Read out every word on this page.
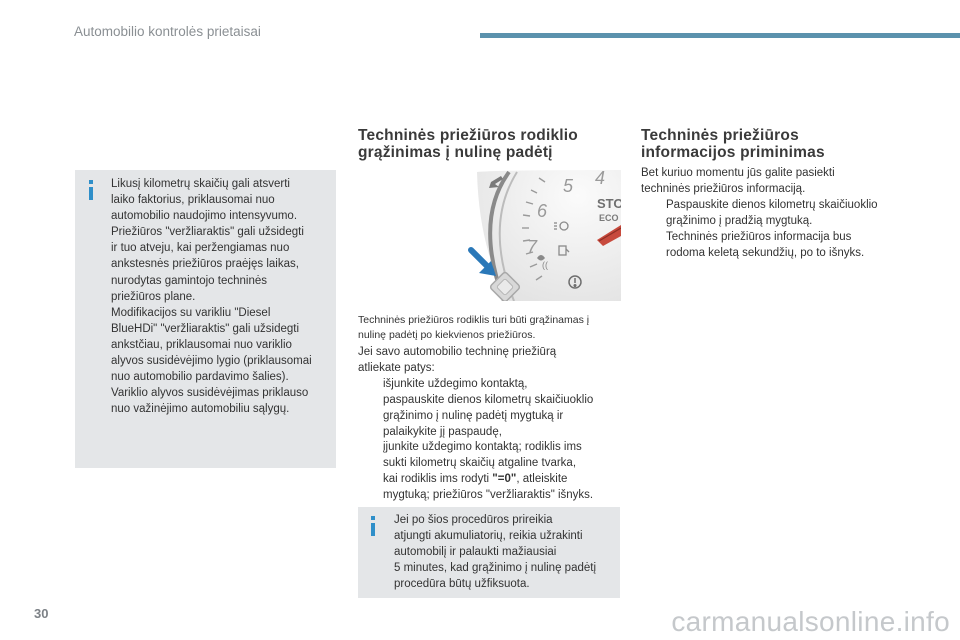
Automobilio kontrolės prietaisai

Likusį kilometrų skaičių gali atsverti

laiko faktorius, priklausomai nuo

automobilio naudojimo intensyvumo.

Priežiūros "veržliaraktis" gali užsidegti

ir tuo atveju, kai peržengiamas nuo

ankstesnės priežiūros praėjęs laikas,

nurodytas gamintojo techninės

priežiūros plane.

Modifikacijos su varikliu "Diesel

BlueHDi" "veržliaraktis" gali užsidegti

ankstčiau, priklausomai nuo variklio

alyvos susidėvėjimo lygio (priklausomai

nuo automobilio pardavimo šalies).

Variklio alyvos susidėvėjimas priklauso

nuo važinėjimo automobiliu sąlygų.

Techninės priežiūros rodiklio
grąžinimas į nulinę padėtį
4
5
6
7
STO
ECO
((
Techninės priežiūros rodiklis turi būti grąžinamas į
nulinę padėtį po kiekvienos priežiūros.

Jei savo automobilio techninę priežiūrą

atliekate patys:

išjunkite uždegimo kontaktą,
paspauskite dienos kilometrų skaičiuoklio
grąžinimo į nulinę padėtį mygtuką ir
palaikykite jį paspaudę,
įjunkite uždegimo kontaktą; rodiklis ims
sukti kilometrų skaičių atgaline tvarka,
kai rodiklis ims rodyti "=0", atleiskite
mygtuką; priežiūros "veržliaraktis" išnyks.

Jei po šios procedūros prireikia

atjungti akumuliatorių, reikia užrakinti

automobilį ir palaukti mažiausiai

5 minutes, kad grąžinimo į nulinę padėtį

procedūra būtų užfiksuota.

Techninės priežiūros
informacijos priminimas

Bet kuriuo momentu jūs galite pasiekti

techninės priežiūros informaciją.

Paspauskite dienos kilometrų skaičiuoklio
grąžinimo į pradžią mygtuką.
Techninės priežiūros informacija bus
rodoma keletą sekundžių, po to išnyks.
30	carmanualsonline.info
